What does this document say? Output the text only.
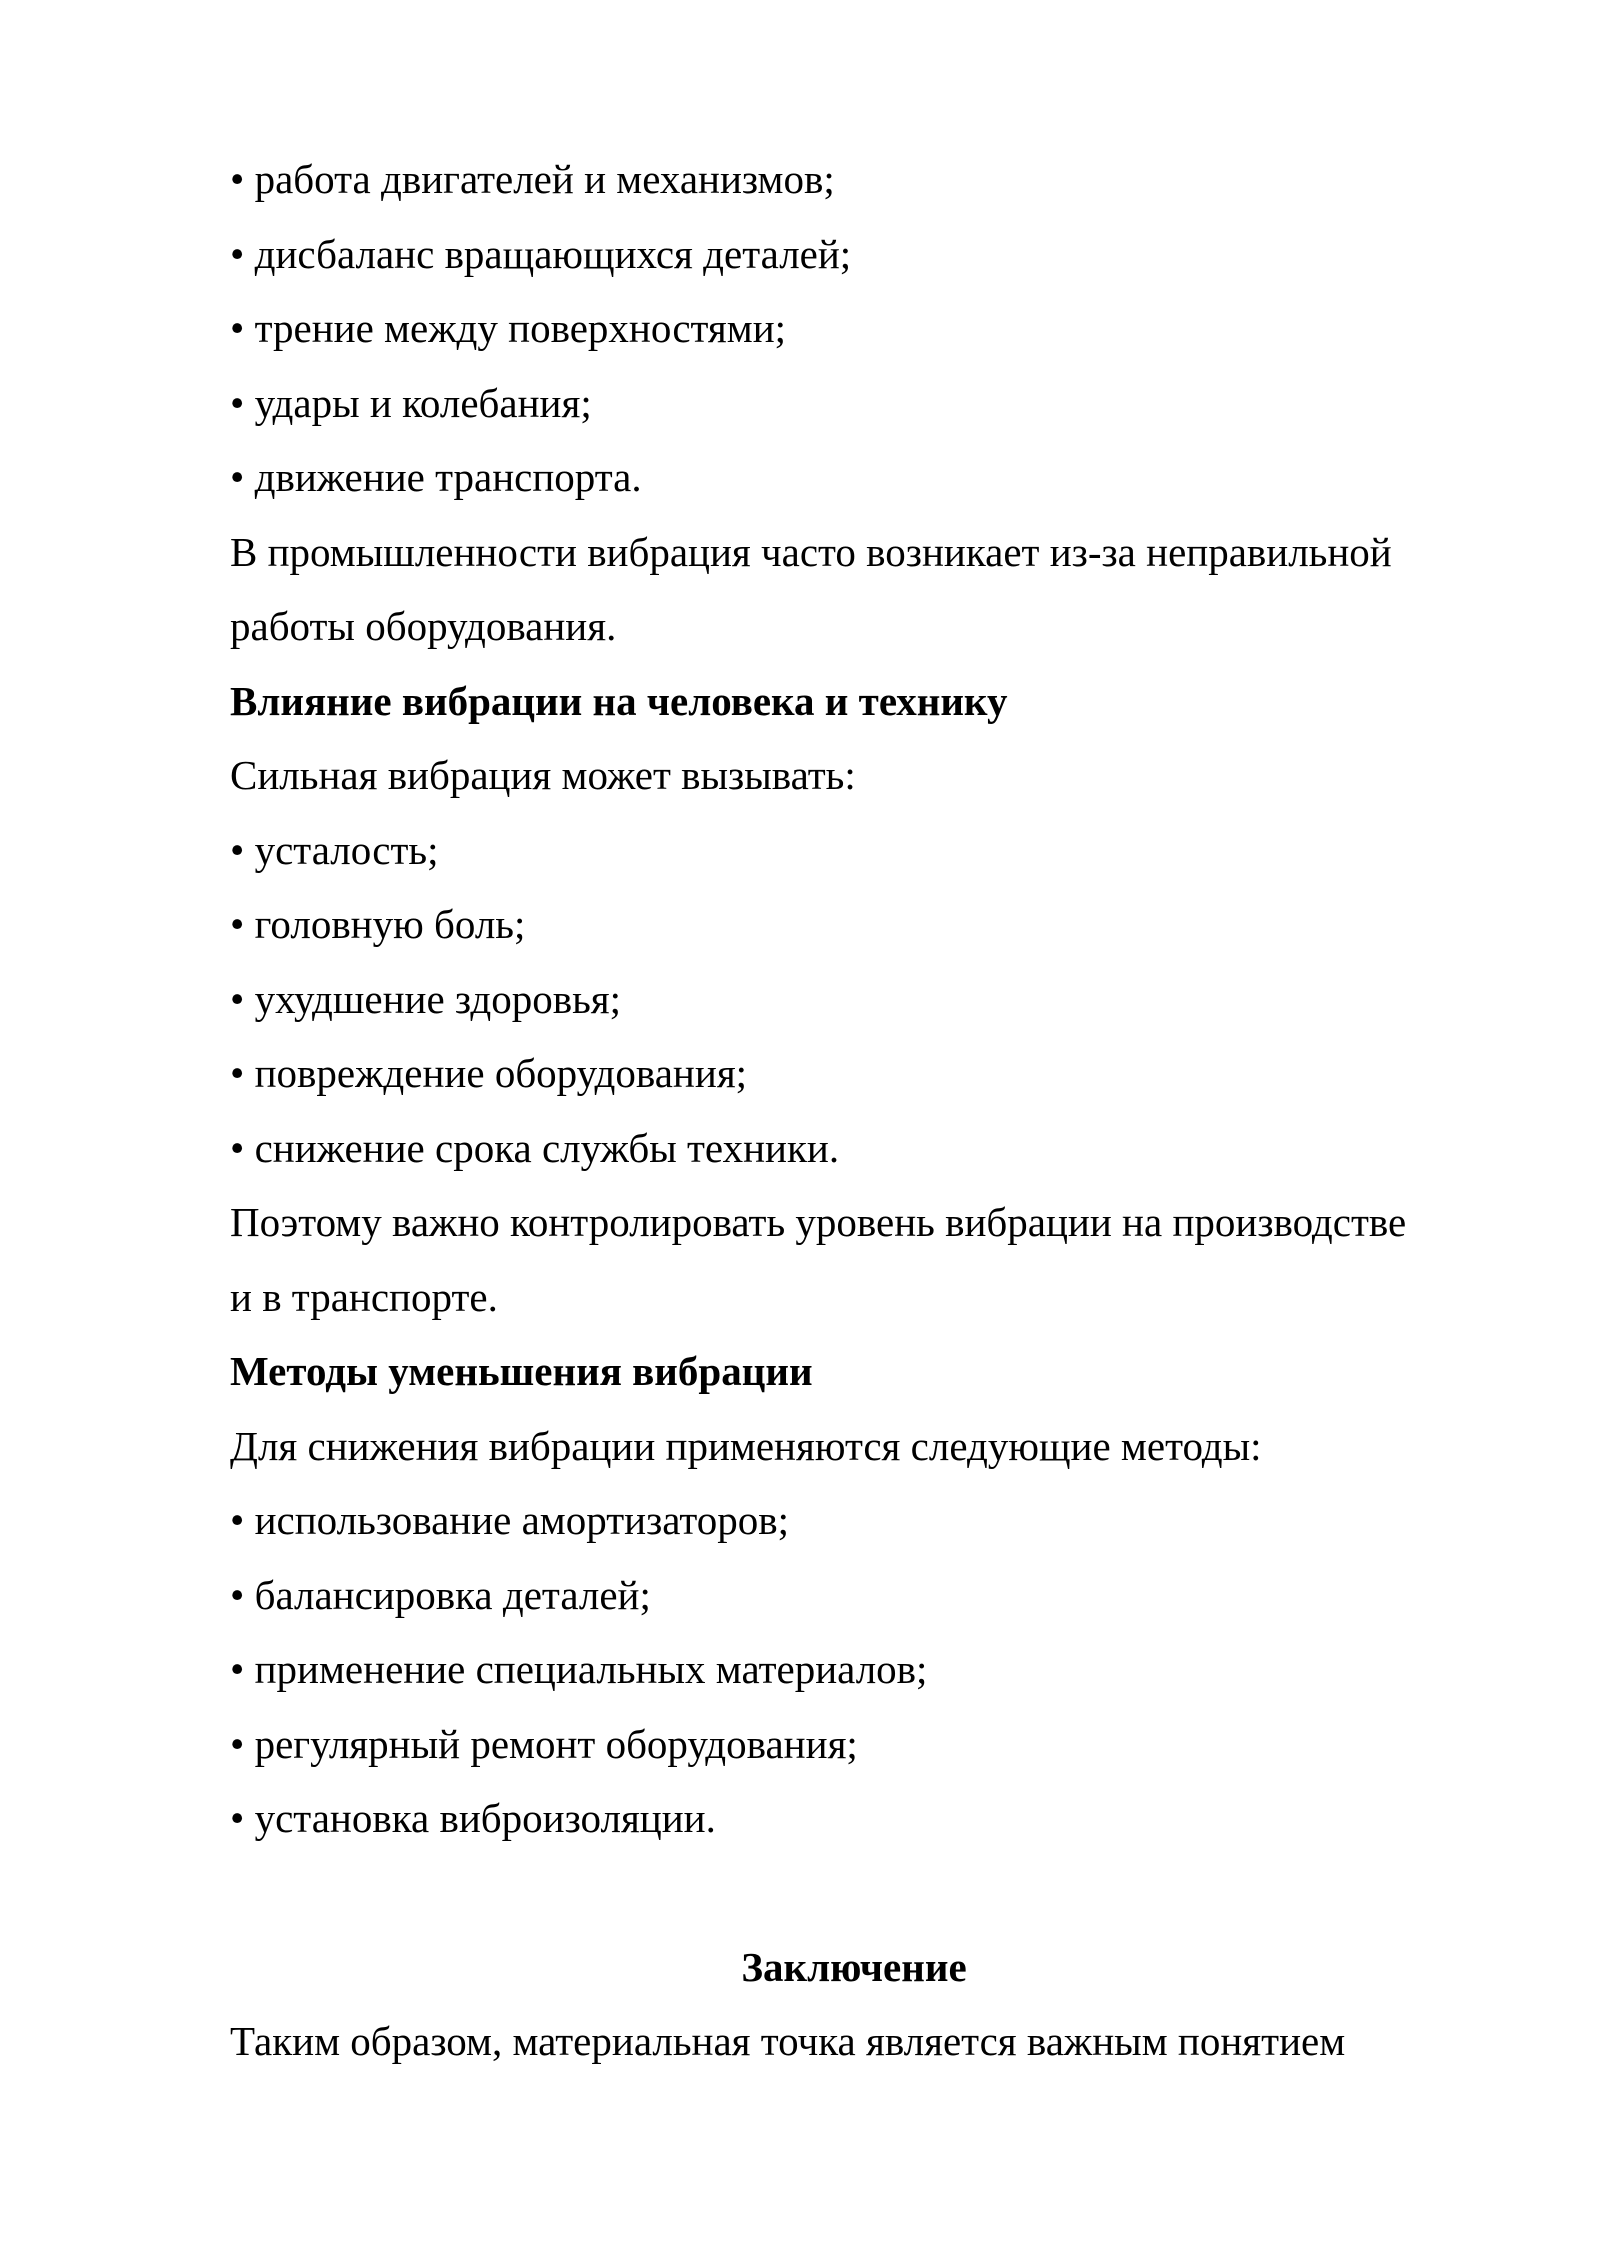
• работа двигателей и механизмов;
• дисбаланс вращающихся деталей;
• трение между поверхностями;
• удары и колебания;
• движение транспорта.
В промышленности вибрация часто возникает из-за неправильной
работы оборудования.
Влияние вибрации на человека и технику
Сильная вибрация может вызывать:
• усталость;
• головную боль;
• ухудшение здоровья;
• повреждение оборудования;
• снижение срока службы техники.
Поэтому важно контролировать уровень вибрации на производстве
и в транспорте.
Методы уменьшения вибрации
Для снижения вибрации применяются следующие методы:
• использование амортизаторов;
• балансировка деталей;
• применение специальных материалов;
• регулярный ремонт оборудования;
• установка виброизоляции.
Заключение
Таким образом, материальная точка является важным понятием
